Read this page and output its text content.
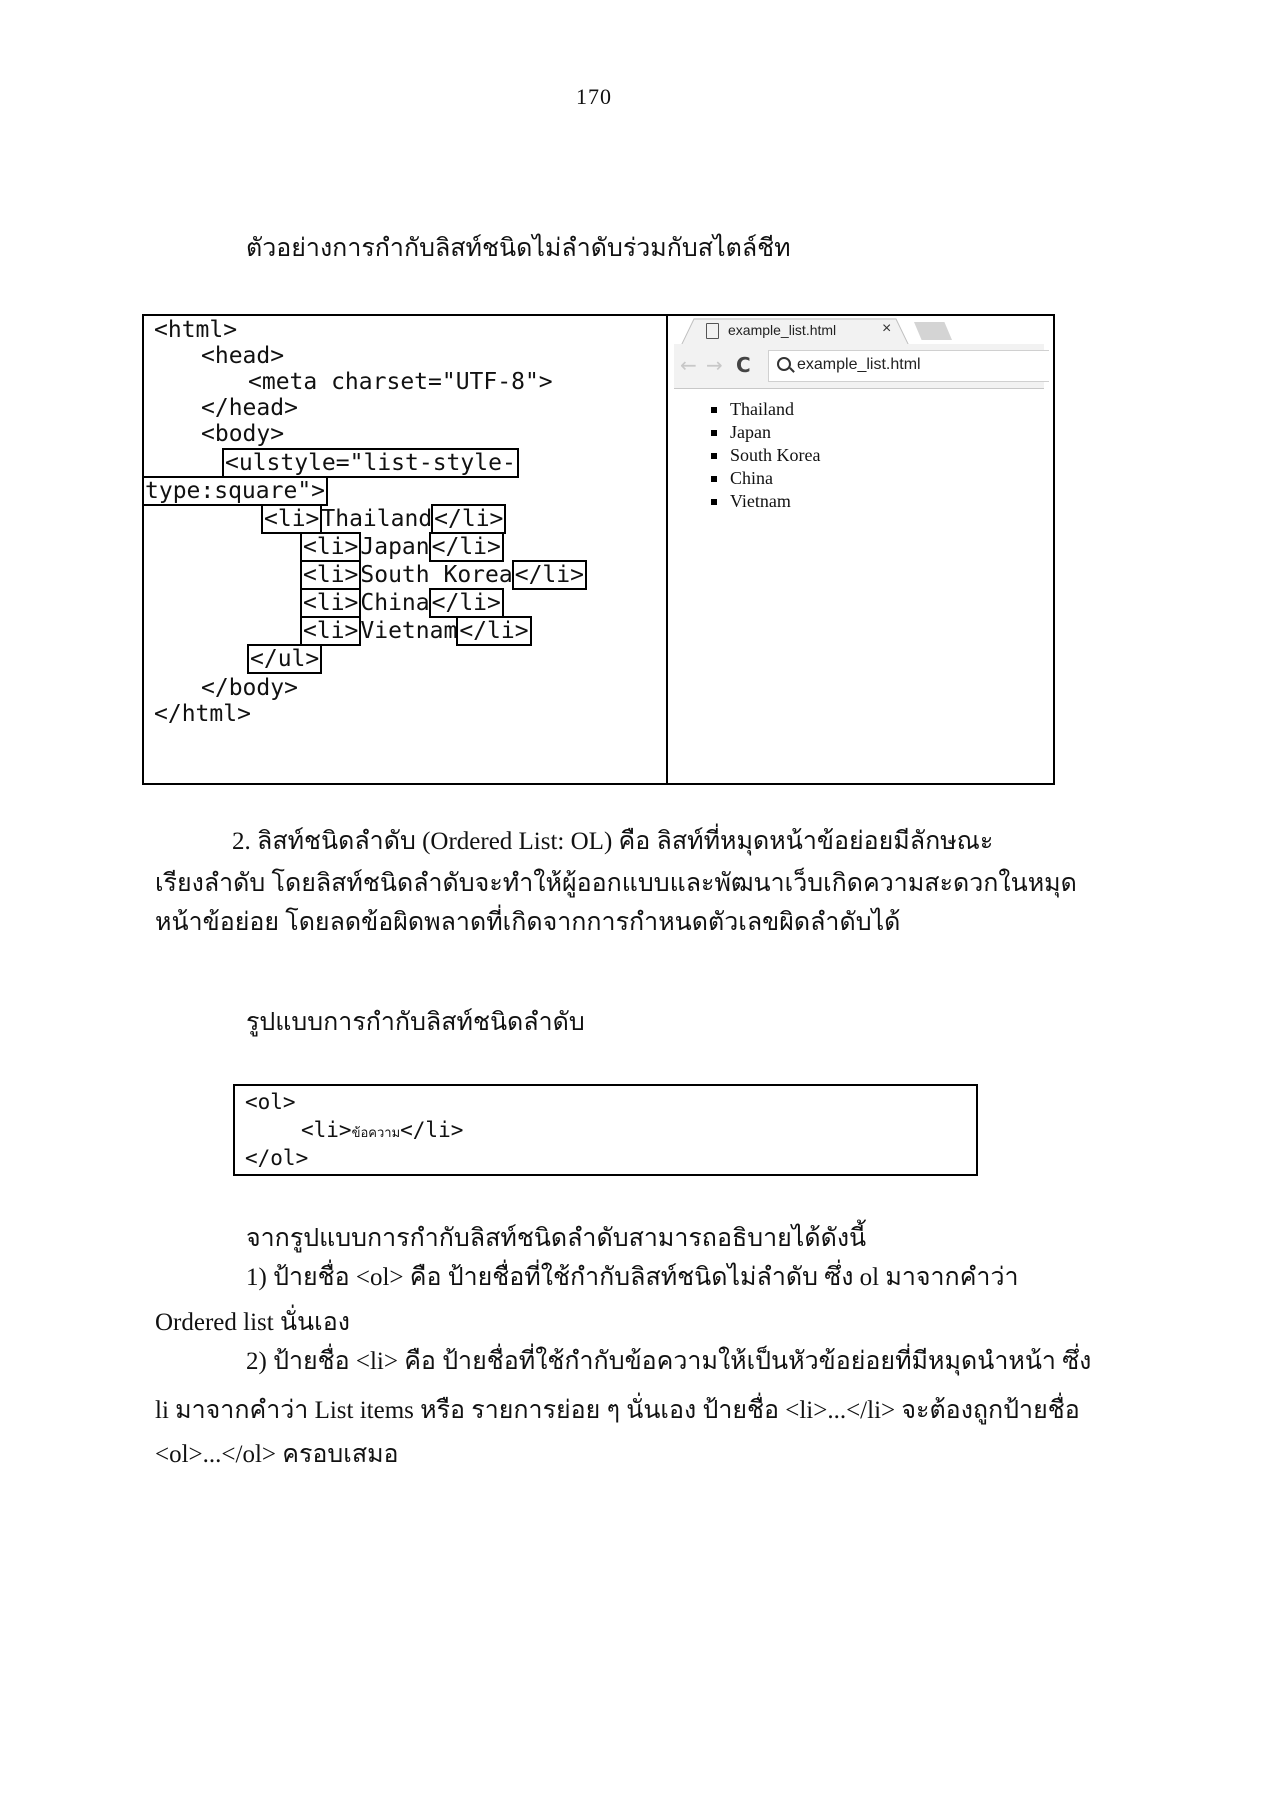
170
ตัวอย่างการกำกับลิสท์ชนิดไม่ลำดับร่วมกับสไตล์ชีท
<html>
<head>
<meta charset="UTF-8">
</head>
<body>
<ulstyle="list-style-
type:square">
<li>Thailand</li>
<li>Japan</li>
<li>South Korea</li>
<li>China</li>
<li>Vietnam</li>
</ul>
</body>
</html>
example_list.html	×
← → C	example_list.html
Thailand
Japan
South Korea
China
Vietnam
2. ลิสท์ชนิดลำดับ (Ordered List: OL) คือ ลิสท์ที่หมุดหน้าข้อย่อยมีลักษณะ
เรียงลำดับ โดยลิสท์ชนิดลำดับจะทำให้ผู้ออกแบบและพัฒนาเว็บเกิดความสะดวกในหมุด
หน้าข้อย่อย โดยลดข้อผิดพลาดที่เกิดจากการกำหนดตัวเลขผิดลำดับได้
รูปแบบการกำกับลิสท์ชนิดลำดับ
<ol>
<li>ข้อความ</li>
</ol>
จากรูปแบบการกำกับลิสท์ชนิดลำดับสามารถอธิบายได้ดังนี้
1) ป้ายชื่อ <ol> คือ ป้ายชื่อที่ใช้กำกับลิสท์ชนิดไม่ลำดับ ซึ่ง ol มาจากคำว่า
Ordered list นั่นเอง
2) ป้ายชื่อ <li> คือ ป้ายชื่อที่ใช้กำกับข้อความให้เป็นหัวข้อย่อยที่มีหมุดนำหน้า ซึ่ง
li มาจากคำว่า List items หรือ รายการย่อย ๆ นั่นเอง ป้ายชื่อ <li>...</li> จะต้องถูกป้ายชื่อ
<ol>...</ol> ครอบเสมอ
